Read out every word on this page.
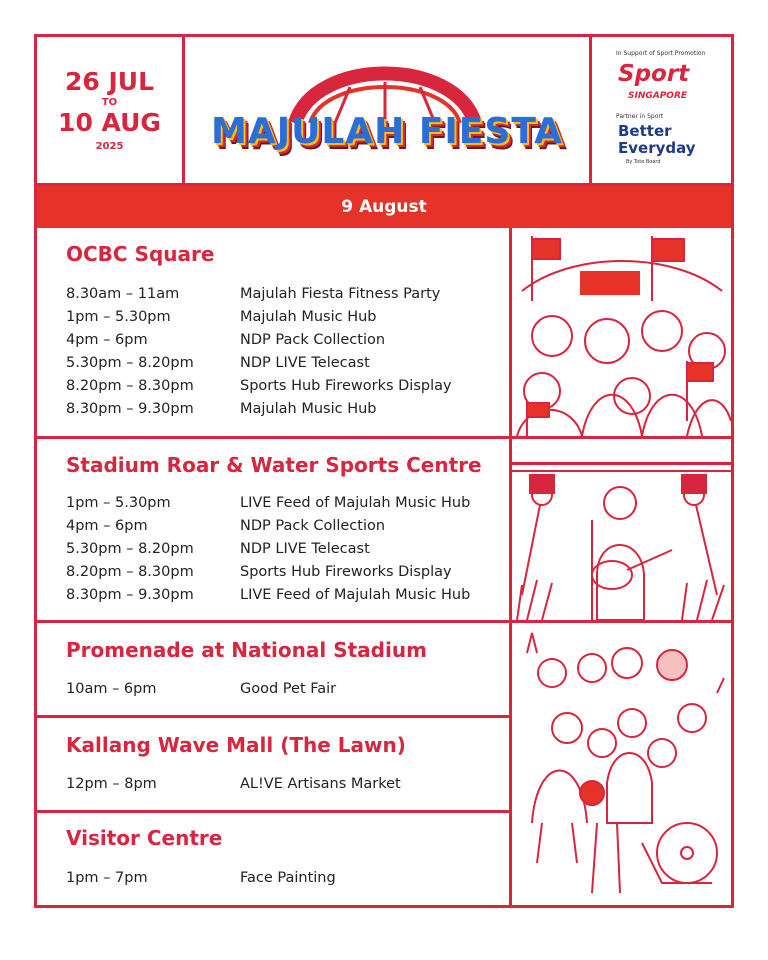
26 JUL
TO
10 AUG
2025 MAJULAH FIESTA
In Support of Sport Promotion
Sport
SINGAPORE
Partner in Sport
Better
Everyday
By Tote Board
9 August
OCBC Square
8.30am – 11am	Majulah Fiesta Fitness Party
1pm – 5.30pm	Majulah Music Hub
4pm – 6pm	NDP Pack Collection
5.30pm – 8.20pm	NDP LIVE Telecast
8.20pm – 8.30pm	Sports Hub Fireworks Display
8.30pm – 9.30pm	Majulah Music Hub
Stadium Roar & Water Sports Centre
1pm – 5.30pm	LIVE Feed of Majulah Music Hub
4pm – 6pm	NDP Pack Collection
5.30pm – 8.20pm	NDP LIVE Telecast
8.20pm – 8.30pm	Sports Hub Fireworks Display
8.30pm – 9.30pm	LIVE Feed of Majulah Music Hub
Promenade at National Stadium
10am – 6pm	Good Pet Fair
Kallang Wave Mall (The Lawn)
12pm – 8pm	AL!VE Artisans Market
Visitor Centre
1pm – 7pm	Face Painting
